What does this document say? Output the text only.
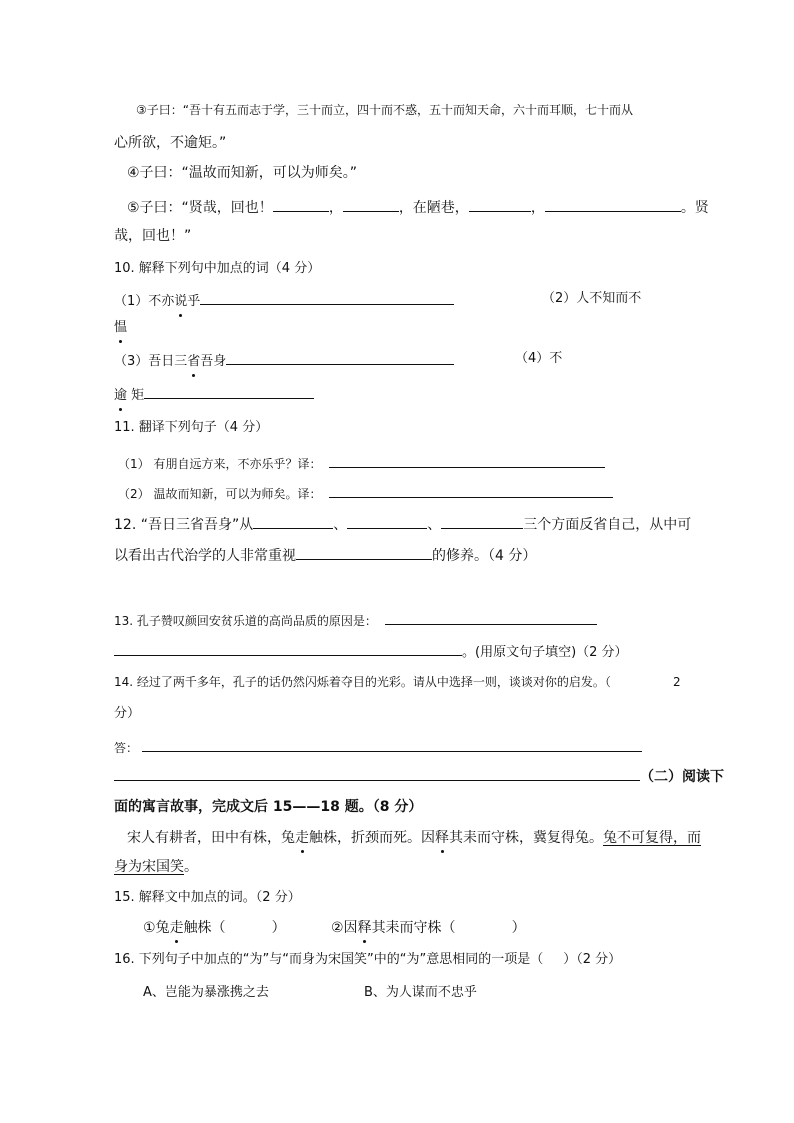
③子曰：“吾十有五而志于学，三十而立，四十而不惑，五十而知天命，六十而耳顺，七十而从
心所欲，不逾矩。”
④子曰：“温故而知新，可以为师矣。”
⑤子曰：“贤哉，回也！	，	，在陋巷，	，	。贤
哉，回也！”
10. 解释下列句中加点的词（4 分）
（1）不亦说乎	（2）人不知而不
愠
（3）吾日三省吾身	（4）不
逾 矩
11. 翻译下列句子（4 分）
（1） 有朋自远方来，不亦乐乎？译：
（2） 温故而知新，可以为师矣。译：
12. “吾日三省吾身”从	、	、	三个方面反省自己，从中可
以看出古代治学的人非常重视	的修养。（4 分）
13. 孔子赞叹颜回安贫乐道的高尚品质的原因是：
。(用原文句子填空)（2 分）
14. 经过了两千多年，孔子的话仍然闪烁着夺目的光彩。请从中选择一则，谈谈对你的启发。（	2
分）
答：
（二）阅读下
面的寓言故事，完成文后 15——18 题。（8 分）
宋人有耕者，田中有株，兔走触株，折颈而死。因释其耒而守株，冀复得兔。兔不可复得，而
身为宋国笑。
15. 解释文中加点的词。（2 分）
①兔走触株（	）	②因释其耒而守株（	）
16. 下列句子中加点的“为”与“而身为宋国笑”中的“为”意思相同的一项是（ ）（2 分）
A、岂能为暴涨携之去	B、为人谋而不忠乎
